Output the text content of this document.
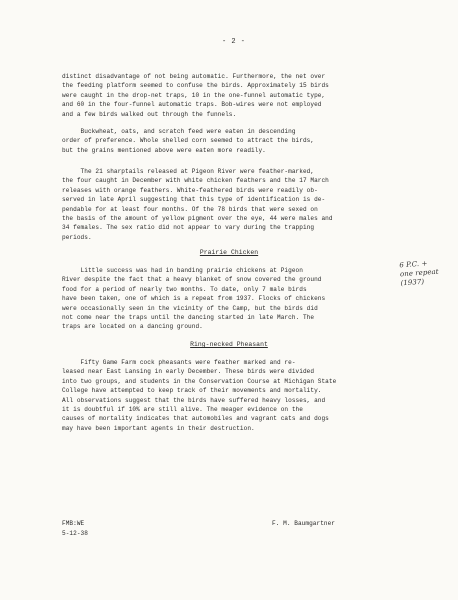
- 2 -
distinct disadvantage of not being automatic. Furthermore, the net over
the feeding platform seemed to confuse the birds. Approximately 15 birds
were caught in the drop-net traps, 10 in the one-funnel automatic type,
and 60 in the four-funnel automatic traps. Bob-wires were not employed
and a few birds walked out through the funnels.
Buckwheat, oats, and scratch feed were eaten in descending
order of preference. Whole shelled corn seemed to attract the birds,
but the grains mentioned above were eaten more readily.
The 21 sharptails released at Pigeon River were feather-marked,
the four caught in December with white chicken feathers and the 17 March
releases with orange feathers. White-feathered birds were readily ob-
served in late April suggesting that this type of identification is de-
pendable for at least four months. Of the 78 birds that were sexed on
the basis of the amount of yellow pigment over the eye, 44 were males and
34 females. The sex ratio did not appear to vary during the trapping
periods.
Prairie Chicken
Little success was had in banding prairie chickens at Pigeon
River despite the fact that a heavy blanket of snow covered the ground
food for a period of nearly two months. To date, only 7 male birds
have been taken, one of which is a repeat from 1937. Flocks of chickens
were occasionally seen in the vicinity of the Camp, but the birds did
not come near the traps until the dancing started in late March. The
traps are located on a dancing ground.
6 P.C. +
one repeat
(1937)
Ring-necked Pheasant
Fifty Game Farm cock pheasants were feather marked and re-
leased near East Lansing in early December. These birds were divided
into two groups, and students in the Conservation Course at Michigan State
College have attempted to keep track of their movements and mortality.
All observations suggest that the birds have suffered heavy losses, and
it is doubtful if 10% are still alive. The meager evidence on the
causes of mortality indicates that automobiles and vagrant cats and dogs
may have been important agents in their destruction.
FMB:WE
5-12-38
F. M. Baumgartner
